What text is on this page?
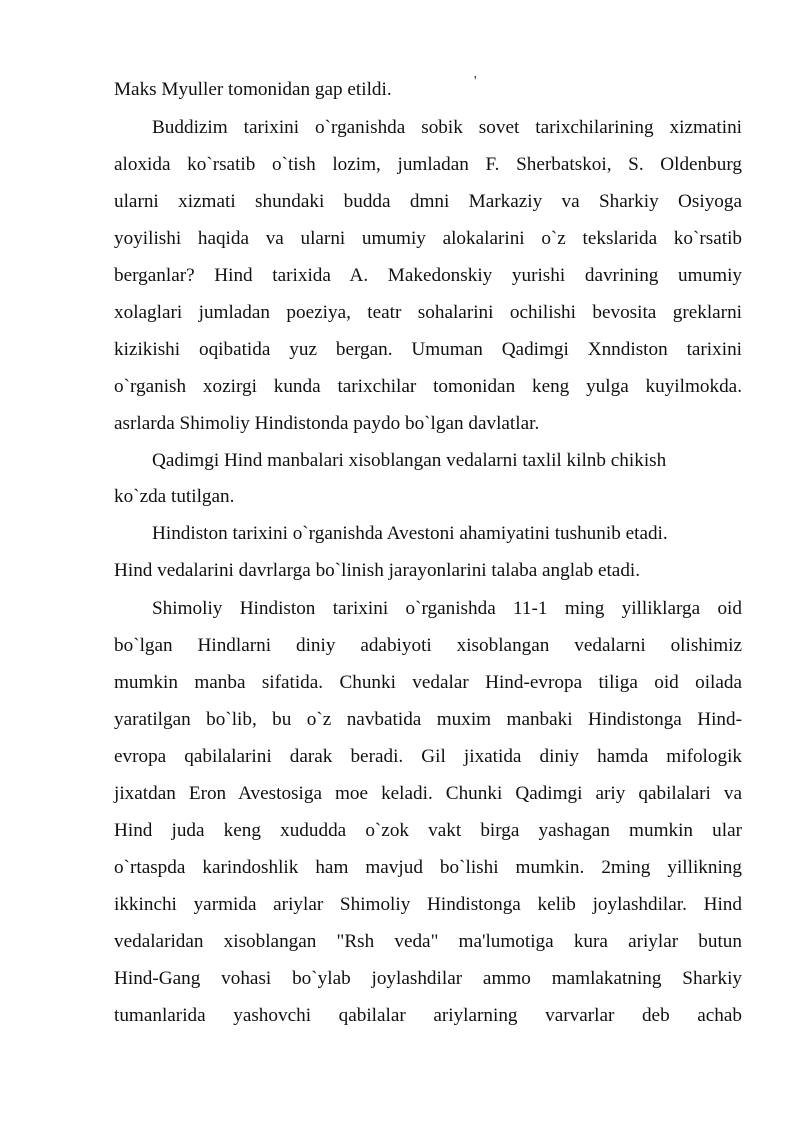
'
Maks Myuller tomonidan gap etildi.
Buddizim tarixini o`rganishda sobik sovet tarixchilarining xizmatini
aloxida ko`rsatib o`tish lozim, jumladan F. Sherbatskoi, S. Oldenburg
ularni xizmati shundaki budda dmni Markaziy va Sharkiy Osiyoga
yoyilishi haqida va ularni umumiy alokalarini o`z tekslarida ko`rsatib
berganlar? Hind tarixida A. Makedonskiy yurishi davrining umumiy
xolaglari jumladan poeziya, teatr sohalarini ochilishi bevosita greklarni
kizikishi oqibatida yuz bergan. Umuman Qadimgi Xnndiston tarixini
o`rganish xozirgi kunda tarixchilar tomonidan keng yulga kuyilmokda.
asrlarda Shimoliy Hindistonda paydo bo`lgan davlatlar.
Qadimgi Hind manbalari xisoblangan vedalarni taxlil kilnb chikish
ko`zda tutilgan.
Hindiston tarixini o`rganishda Avestoni ahamiyatini tushunib etadi.
Hind vedalarini davrlarga bo`linish jarayonlarini talaba anglab etadi.
Shimoliy Hindiston tarixini o`rganishda 11-1 ming yilliklarga oid
bo`lgan Hindlarni diniy adabiyoti xisoblangan vedalarni olishimiz
mumkin manba sifatida. Chunki vedalar Hind-evropa tiliga oid oilada
yaratilgan bo`lib, bu o`z navbatida muxim manbaki Hindistonga Hind-
evropa qabilalarini darak beradi. Gil jixatida diniy hamda mifologik
jixatdan Eron Avestosiga moe keladi. Chunki Qadimgi ariy qabilalari va
Hind juda keng xududda o`zok vakt birga yashagan mumkin ular
o`rtaspda karindoshlik ham mavjud bo`lishi mumkin. 2ming yillikning
ikkinchi yarmida ariylar Shimoliy Hindistonga kelib joylashdilar. Hind
vedalaridan xisoblangan "Rsh veda" ma'lumotiga kura ariylar butun
Hind-Gang vohasi bo`ylab joylashdilar ammo mamlakatning Sharkiy
tumanlarida yashovchi qabilalar ariylarning varvarlar deb achab
